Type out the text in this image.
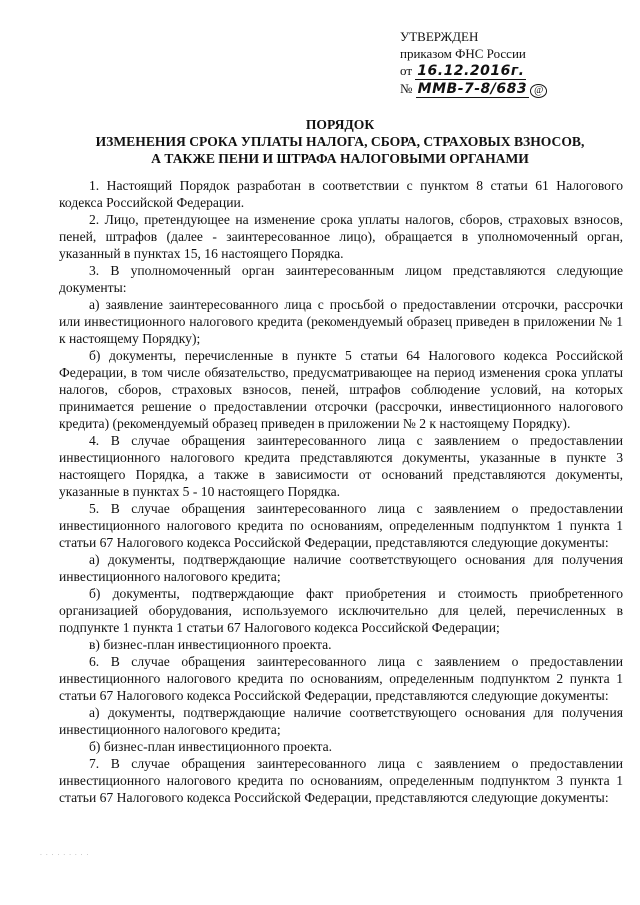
УТВЕРЖДЕН
приказом ФНС России
от 16.12.2016г.
№ ММВ-7-8/683 @
ПОРЯДОК
ИЗМЕНЕНИЯ СРОКА УПЛАТЫ НАЛОГА, СБОРА, СТРАХОВЫХ ВЗНОСОВ,
А ТАКЖЕ ПЕНИ И ШТРАФА НАЛОГОВЫМИ ОРГАНАМИ

1. Настоящий Порядок разработан в соответствии с пунктом 8 статьи 61 Налогового кодекса Российской Федерации.

2. Лицо, претендующее на изменение срока уплаты налогов, сборов, страховых взносов, пеней, штрафов (далее - заинтересованное лицо), обращается в уполномоченный орган, указанный в пунктах 15, 16 настоящего Порядка.

3. В уполномоченный орган заинтересованным лицом представляются следующие документы:

а) заявление заинтересованного лица с просьбой о предоставлении отсрочки, рассрочки или инвестиционного налогового кредита (рекомендуемый образец приведен в приложении № 1 к настоящему Порядку);

б) документы, перечисленные в пункте 5 статьи 64 Налогового кодекса Российской Федерации, в том числе обязательство, предусматривающее на период изменения срока уплаты налогов, сборов, страховых взносов, пеней, штрафов соблюдение условий, на которых принимается решение о предоставлении отсрочки (рассрочки, инвестиционного налогового кредита) (рекомендуемый образец приведен в приложении № 2 к настоящему Порядку).

4. В случае обращения заинтересованного лица с заявлением о предоставлении инвестиционного налогового кредита представляются документы, указанные в пункте 3 настоящего Порядка, а также в зависимости от оснований представляются документы, указанные в пунктах 5 - 10 настоящего Порядка.

5. В случае обращения заинтересованного лица с заявлением о предоставлении инвестиционного налогового кредита по основаниям, определенным подпунктом 1 пункта 1 статьи 67 Налогового кодекса Российской Федерации, представляются следующие документы:

а) документы, подтверждающие наличие соответствующего основания для получения инвестиционного налогового кредита;

б) документы, подтверждающие факт приобретения и стоимость приобретенного организацией оборудования, используемого исключительно для целей, перечисленных в подпункте 1 пункта 1 статьи 67 Налогового кодекса Российской Федерации;

в) бизнес-план инвестиционного проекта.

6. В случае обращения заинтересованного лица с заявлением о предоставлении инвестиционного налогового кредита по основаниям, определенным подпунктом 2 пункта 1 статьи 67 Налогового кодекса Российской Федерации, представляются следующие документы:

а) документы, подтверждающие наличие соответствующего основания для получения инвестиционного налогового кредита;

б) бизнес-план инвестиционного проекта.

7. В случае обращения заинтересованного лица с заявлением о предоставлении инвестиционного налогового кредита по основаниям, определенным подпунктом 3 пункта 1 статьи 67 Налогового кодекса Российской Федерации, представляются следующие документы:

· · · · · · · · ·
